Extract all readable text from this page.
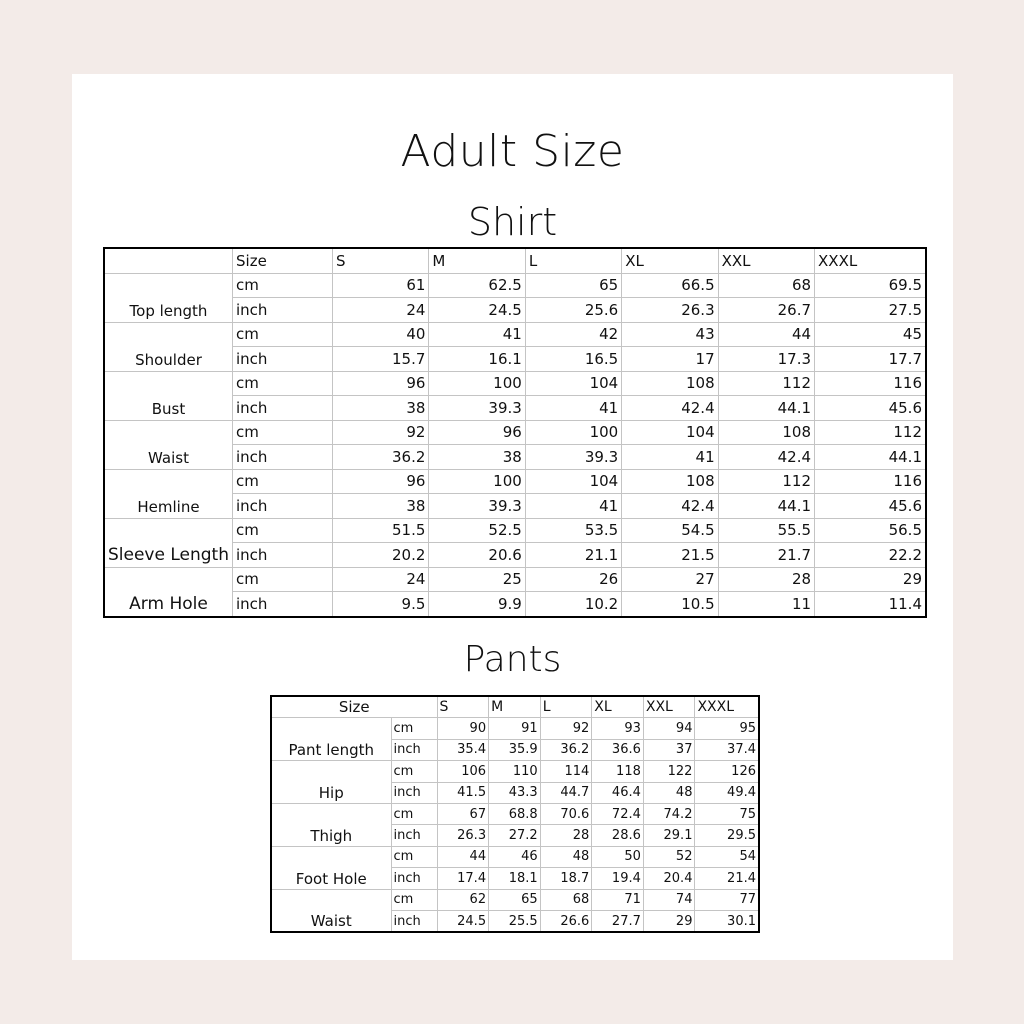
Adult Size
Shirt
	Size	S	M	L	XL	XXL	XXXL
Top length	cm	61	62.5	65	66.5	68	69.5
	inch	24	24.5	25.6	26.3	26.7	27.5
Shoulder	cm	40	41	42	43	44	45
	inch	15.7	16.1	16.5	17	17.3	17.7
Bust	cm	96	100	104	108	112	116
	inch	38	39.3	41	42.4	44.1	45.6
Waist	cm	92	96	100	104	108	112
	inch	36.2	38	39.3	41	42.4	44.1
Hemline	cm	96	100	104	108	112	116
	inch	38	39.3	41	42.4	44.1	45.6
Sleeve Length	cm	51.5	52.5	53.5	54.5	55.5	56.5
	inch	20.2	20.6	21.1	21.5	21.7	22.2
Arm Hole	cm	24	25	26	27	28	29
	inch	9.5	9.9	10.2	10.5	11	11.4
Pants
Size		S	M	L	XL	XXL	XXXL
Pant length	cm	90	91	92	93	94	95
	inch	35.4	35.9	36.2	36.6	37	37.4
Hip	cm	106	110	114	118	122	126
	inch	41.5	43.3	44.7	46.4	48	49.4
Thigh	cm	67	68.8	70.6	72.4	74.2	75
	inch	26.3	27.2	28	28.6	29.1	29.5
Foot Hole	cm	44	46	48	50	52	54
	inch	17.4	18.1	18.7	19.4	20.4	21.4
Waist	cm	62	65	68	71	74	77
	inch	24.5	25.5	26.6	27.7	29	30.1
